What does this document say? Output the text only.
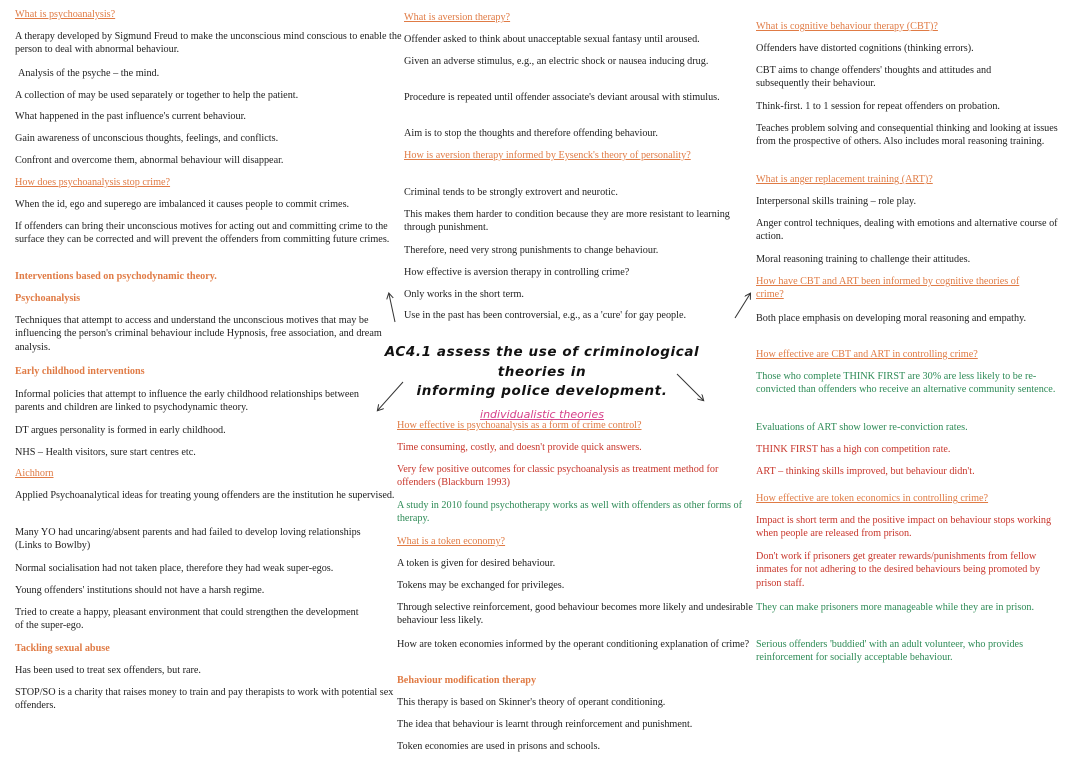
What is psychoanalysis?

A therapy developed by Sigmund Freud to make the unconscious mind conscious to enable the person to deal with abnormal behaviour.

Analysis of the psyche – the mind.

A collection of may be used separately or together to help the patient.

What happened in the past influence's current behaviour.

Gain awareness of unconscious thoughts, feelings, and conflicts.

Confront and overcome them, abnormal behaviour will disappear.

How does psychoanalysis stop crime?

When the id, ego and superego are imbalanced it causes people to commit crimes.

If offenders can bring their unconscious motives for acting out and committing crime to the surface they can be corrected and will prevent the offenders from committing future crimes.

Interventions based on psychodynamic theory.

Psychoanalysis

Techniques that attempt to access and understand the unconscious motives that may be influencing the person's criminal behaviour include Hypnosis, free association, and dream analysis.

Early childhood interventions

Informal policies that attempt to influence the early childhood relationships between parents and children are linked to psychodynamic theory.

DT argues personality is formed in early childhood.

NHS – Health visitors, sure start centres etc.

Aichhorn

Applied Psychoanalytical ideas for treating young offenders are the institution he supervised.

Many YO had uncaring/absent parents and had failed to develop loving relationships (Links to Bowlby)

Normal socialisation had not taken place, therefore they had weak super-egos.

Young offenders' institutions should not have a harsh regime.

Tried to create a happy, pleasant environment that could strengthen the development of the super-ego.

Tackling sexual abuse

Has been used to treat sex offenders, but rare.

STOP/SO is a charity that raises money to train and pay therapists to work with potential sex offenders.

What is aversion therapy?

Offender asked to think about unacceptable sexual fantasy until aroused.

Given an adverse stimulus, e.g., an electric shock or nausea inducing drug.

Procedure is repeated until offender associate's deviant arousal with stimulus.

Aim is to stop the thoughts and therefore offending behaviour.

How is aversion therapy informed by Eysenck's theory of personality?

Criminal tends to be strongly extrovert and neurotic.

This makes them harder to condition because they are more resistant to learning through punishment.

Therefore, need very strong punishments to change behaviour.

How effective is aversion therapy in controlling crime?

Only works in the short term.

Use in the past has been controversial, e.g., as a 'cure' for gay people.

How effective is psychoanalysis as a form of crime control?

Time consuming, costly, and doesn't provide quick answers.

Very few positive outcomes for classic psychoanalysis as treatment method for offenders (Blackburn 1993)

A study in 2010 found psychotherapy works as well with offenders as other forms of therapy.

What is a token economy?

A token is given for desired behaviour.

Tokens may be exchanged for privileges.

Through selective reinforcement, good behaviour becomes more likely and undesirable behaviour less likely.

How are token economies informed by the operant conditioning explanation of crime?

Behaviour modification therapy

This therapy is based on Skinner's theory of operant conditioning.

The idea that behaviour is learnt through reinforcement and punishment.

Token economies are used in prisons and schools.

What is cognitive behaviour therapy (CBT)?

Offenders have distorted cognitions (thinking errors).

CBT aims to change offenders' thoughts and attitudes and subsequently their behaviour.

Think-first. 1 to 1 session for repeat offenders on probation.

Teaches problem solving and consequential thinking and looking at issues from the prospective of others. Also includes moral reasoning training.

What is anger replacement training (ART)?

Interpersonal skills training – role play.

Anger control techniques, dealing with emotions and alternative course of action.

Moral reasoning training to challenge their attitudes.

How have CBT and ART been informed by cognitive theories of crime?

Both place emphasis on developing moral reasoning and empathy.

How effective are CBT and ART in controlling crime?

Those who complete THINK FIRST are 30% are less likely to be re-convicted than offenders who receive an alternative community sentence.

Evaluations of ART show lower re-conviction rates.

THINK FIRST has a high con competition rate.

ART – thinking skills improved, but behaviour didn't.

How effective are token economics in controlling crime?

Impact is short term and the positive impact on behaviour stops working when people are released from prison.

Don't work if prisoners get greater rewards/punishments from fellow inmates for not adhering to the desired behaviours being promoted by prison staff.

They can make prisoners more manageable while they are in prison.

Serious offenders 'buddied' with an adult volunteer, who provides reinforcement for socially acceptable behaviour.

AC4.1 assess the use of criminological theories in
informing police development.
individualistic theories
